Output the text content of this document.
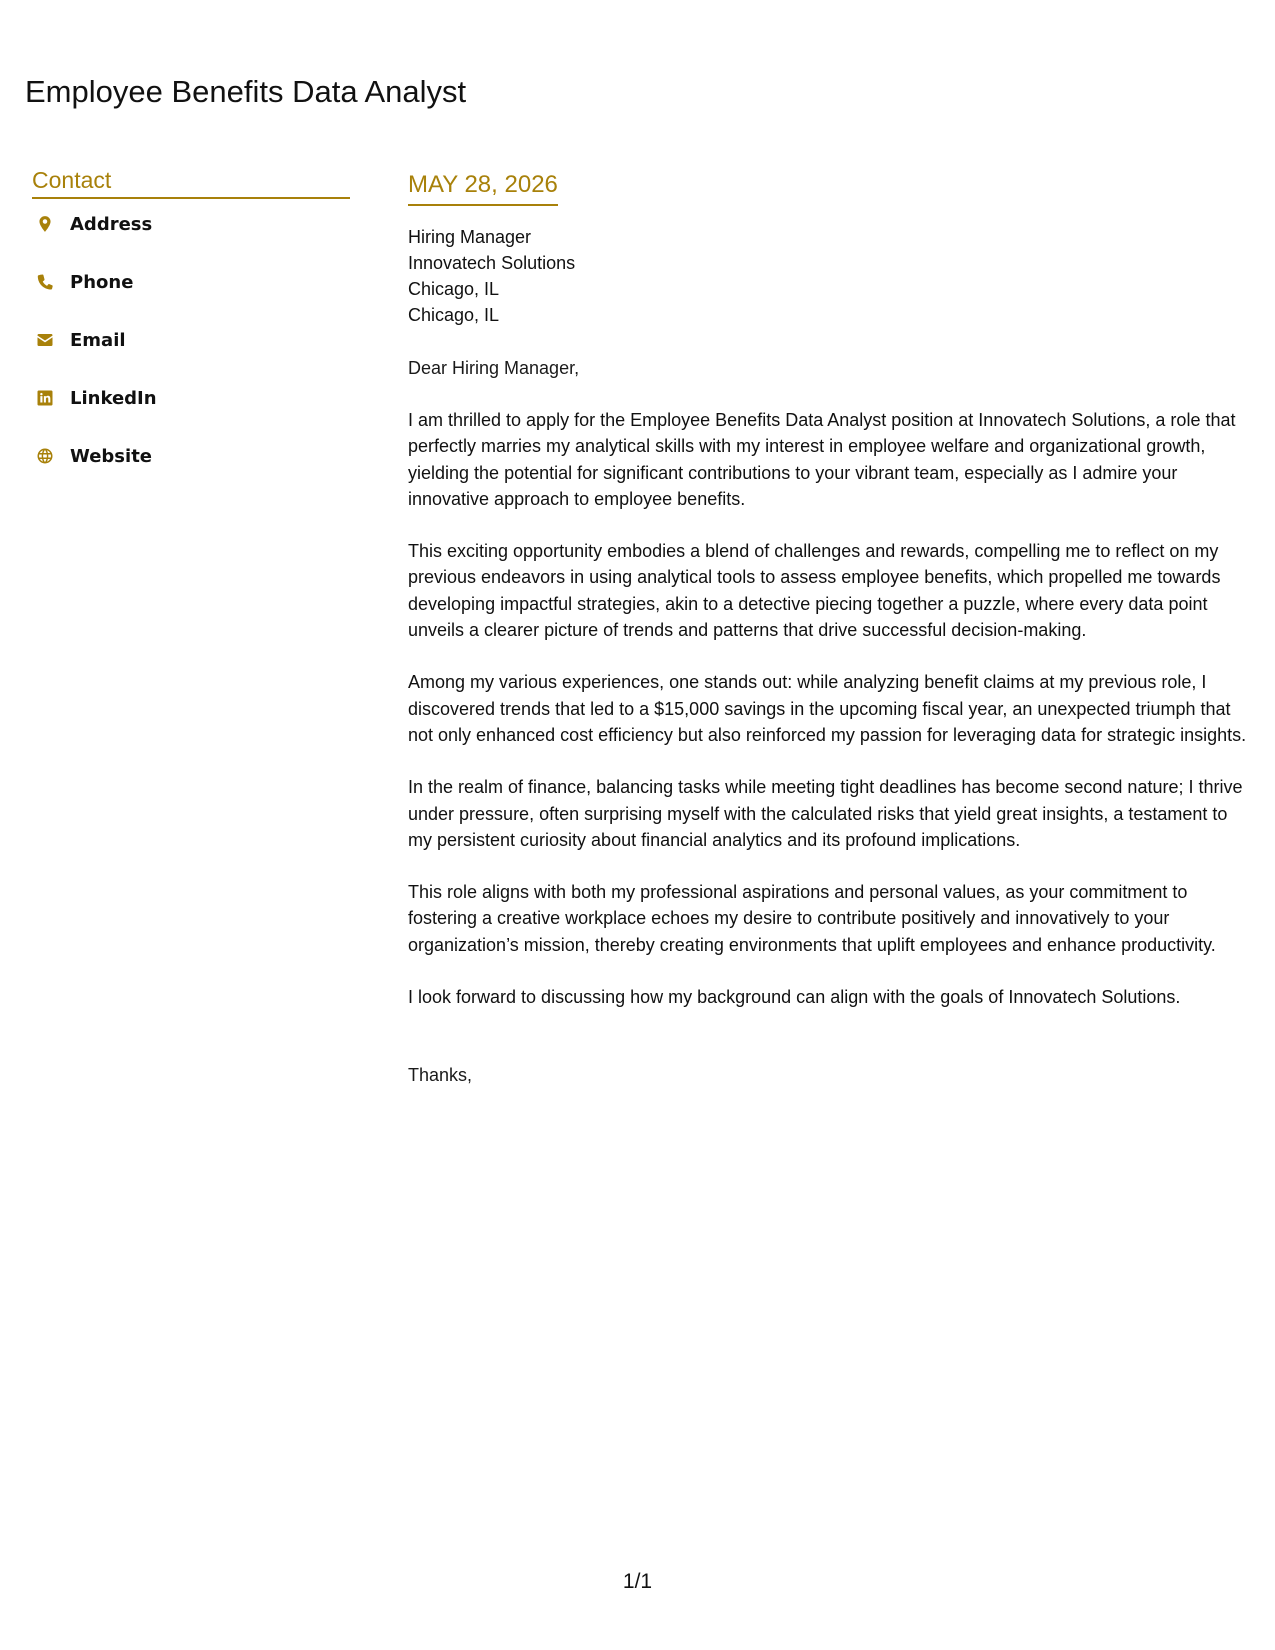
Employee Benefits Data Analyst
Contact
Address
Phone
Email
LinkedIn
Website
MAY 28, 2026
Hiring Manager
Innovatech Solutions
Chicago, IL
Chicago, IL
Dear Hiring Manager,

I am thrilled to apply for the Employee Benefits Data Analyst position at Innovatech Solutions, a role that perfectly marries my analytical skills with my interest in employee welfare and organizational growth, yielding the potential for significant contributions to your vibrant team, especially as I admire your innovative approach to employee benefits.

This exciting opportunity embodies a blend of challenges and rewards, compelling me to reflect on my previous endeavors in using analytical tools to assess employee benefits, which propelled me towards developing impactful strategies, akin to a detective piecing together a puzzle, where every data point unveils a clearer picture of trends and patterns that drive successful decision-making.

Among my various experiences, one stands out: while analyzing benefit claims at my previous role, I discovered trends that led to a $15,000 savings in the upcoming fiscal year, an unexpected triumph that not only enhanced cost efficiency but also reinforced my passion for leveraging data for strategic insights.

In the realm of finance, balancing tasks while meeting tight deadlines has become second nature; I thrive under pressure, often surprising myself with the calculated risks that yield great insights, a testament to my persistent curiosity about financial analytics and its profound implications.

This role aligns with both my professional aspirations and personal values, as your commitment to fostering a creative workplace echoes my desire to contribute positively and innovatively to your organization’s mission, thereby creating environments that uplift employees and enhance productivity.

I look forward to discussing how my background can align with the goals of Innovatech Solutions.

Thanks,
1/1
